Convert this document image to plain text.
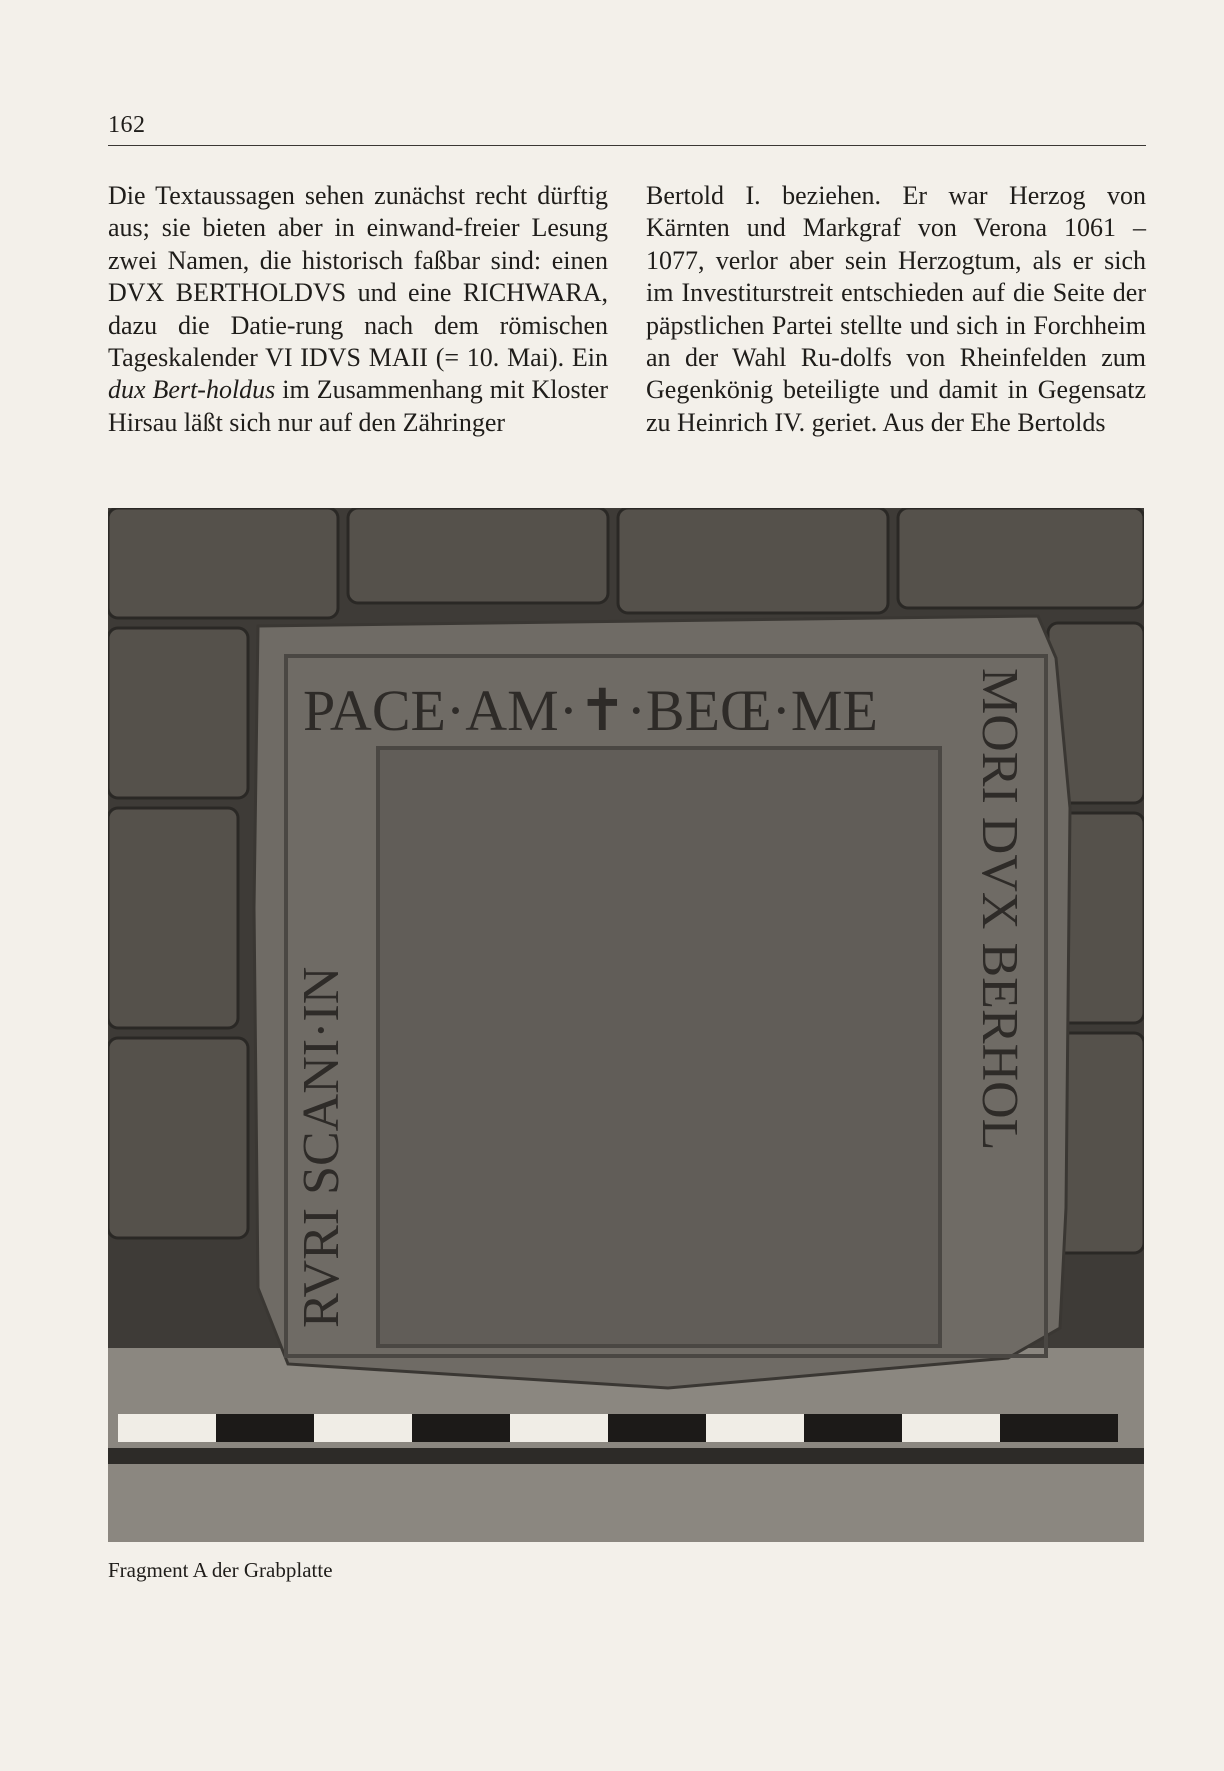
162

Die Textaussagen sehen zunächst recht dürftig aus; sie bieten aber in einwand-freier Lesung zwei Namen, die historisch faßbar sind: einen DVX BERTHOLDVS und eine RICHWARA, dazu die Datie-rung nach dem römischen Tageskalender VI IDVS MAII (= 10. Mai). Ein dux Bert-holdus im Zusammenhang mit Kloster Hirsau läßt sich nur auf den Zähringer

Bertold I. beziehen. Er war Herzog von Kärnten und Markgraf von Verona 1061 – 1077, verlor aber sein Herzogtum, als er sich im Investiturstreit entschieden auf die Seite der päpstlichen Partei stellte und sich in Forchheim an der Wahl Ru-dolfs von Rheinfelden zum Gegenkönig beteiligte und damit in Gegensatz zu Heinrich IV. geriet. Aus der Ehe Bertolds

PACE·AM·✝·BEŒ·ME
RVRI SCANI·IN	MORI DVX BERHOL
Fragment A der Grabplatte
